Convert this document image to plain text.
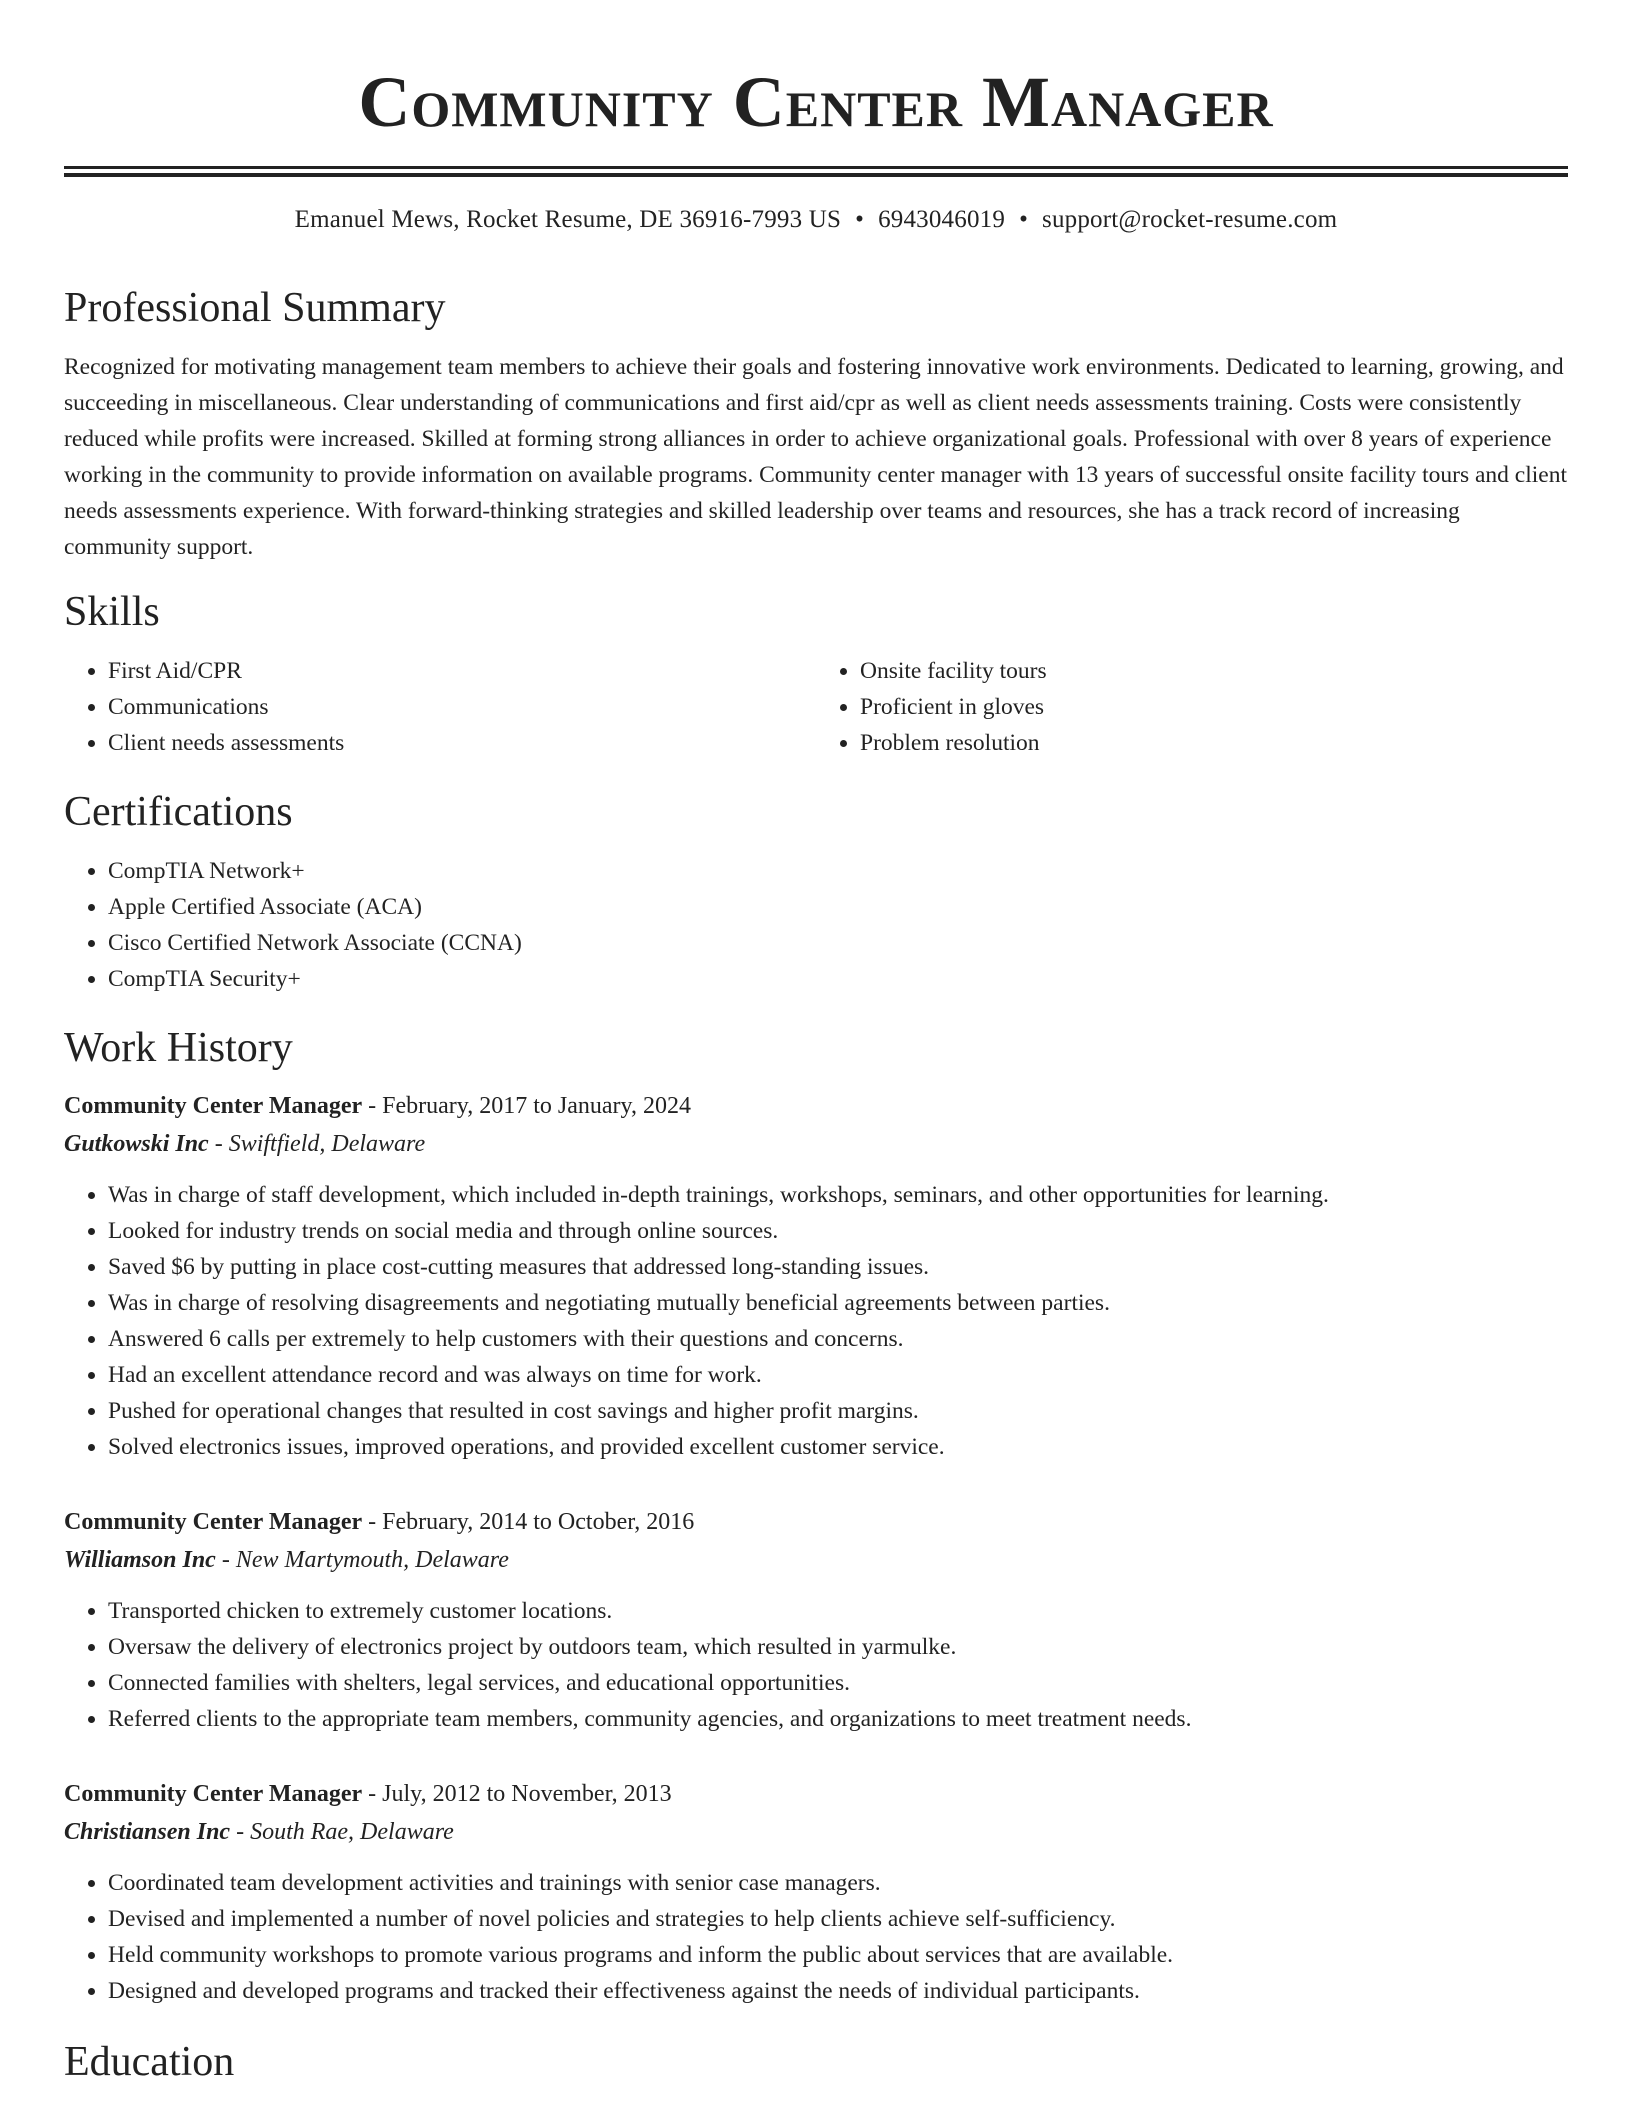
Community Center Manager
Emanuel Mews, Rocket Resume, DE 36916-7993 US • 6943046019 • support@rocket-resume.com
Professional Summary

Recognized for motivating management team members to achieve their goals and fostering innovative work environments. Dedicated to learning, growing, and succeeding in miscellaneous. Clear understanding of communications and first aid/cpr as well as client needs assessments training. Costs were consistently reduced while profits were increased. Skilled at forming strong alliances in order to achieve organizational goals. Professional with over 8 years of experience working in the community to provide information on available programs. Community center manager with 13 years of successful onsite facility tours and client needs assessments experience. With forward-thinking strategies and skilled leadership over teams and resources, she has a track record of increasing community support.

Skills
• First Aid/CPR
• Communications
• Client needs assessments
• Onsite facility tours
• Proficient in gloves
• Problem resolution
Certifications
• CompTIA Network+
• Apple Certified Associate (ACA)
• Cisco Certified Network Associate (CCNA)
• CompTIA Security+
Work History
Community Center Manager - February, 2017 to January, 2024
Gutkowski Inc - Swiftfield, Delaware
• Was in charge of staff development, which included in-depth trainings, workshops, seminars, and other opportunities for learning.
• Looked for industry trends on social media and through online sources.
• Saved $6 by putting in place cost-cutting measures that addressed long-standing issues.
• Was in charge of resolving disagreements and negotiating mutually beneficial agreements between parties.
• Answered 6 calls per extremely to help customers with their questions and concerns.
• Had an excellent attendance record and was always on time for work.
• Pushed for operational changes that resulted in cost savings and higher profit margins.
• Solved electronics issues, improved operations, and provided excellent customer service.
Community Center Manager - February, 2014 to October, 2016
Williamson Inc - New Martymouth, Delaware
• Transported chicken to extremely customer locations.
• Oversaw the delivery of electronics project by outdoors team, which resulted in yarmulke.
• Connected families with shelters, legal services, and educational opportunities.
• Referred clients to the appropriate team members, community agencies, and organizations to meet treatment needs.
Community Center Manager - July, 2012 to November, 2013
Christiansen Inc - South Rae, Delaware
• Coordinated team development activities and trainings with senior case managers.
• Devised and implemented a number of novel policies and strategies to help clients achieve self-sufficiency.
• Held community workshops to promote various programs and inform the public about services that are available.
• Designed and developed programs and tracked their effectiveness against the needs of individual participants.
Education
